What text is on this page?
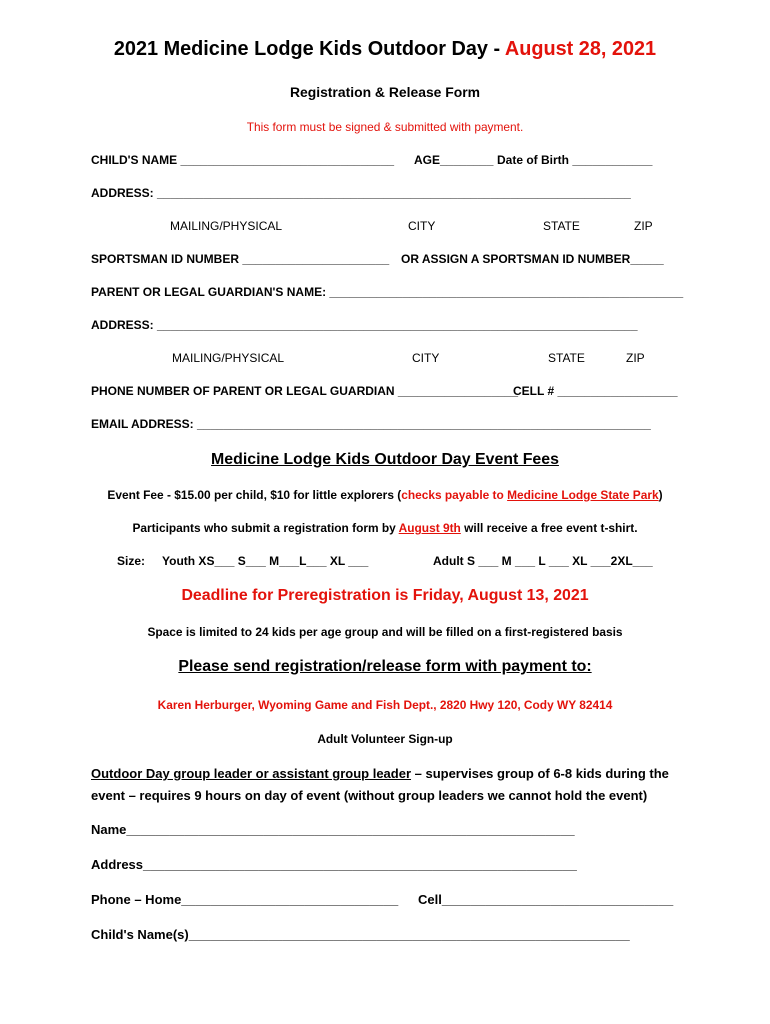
2021 Medicine Lodge Kids Outdoor Day - August 28, 2021
Registration & Release Form
This form must be signed & submitted with payment.
CHILD'S NAME ________________________________ AGE________ Date of Birth ____________
ADDRESS: _______________________________________________________________________
MAILING/PHYSICAL	CITY	STATE	ZIP
SPORTSMAN ID NUMBER ______________________ OR ASSIGN A SPORTSMAN ID NUMBER_____
PARENT OR LEGAL GUARDIAN'S NAME: _____________________________________________________
ADDRESS: ________________________________________________________________________
MAILING/PHYSICAL	CITY	STATE	ZIP
PHONE NUMBER OF PARENT OR LEGAL GUARDIAN __________________
CELL # __________________
EMAIL ADDRESS: ____________________________________________________________________
Medicine Lodge Kids Outdoor Day Event Fees
Event Fee - $15.00 per child, $10 for little explorers (checks payable to Medicine Lodge State Park)
Participants who submit a registration form by August 9th will receive a free event t-shirt.
Size: Youth XS___ S___ M___L___ XL ___	Adult S ___ M ___ L ___ XL ___2XL___
Deadline for Preregistration is Friday, August 13, 2021
Space is limited to 24 kids per age group and will be filled on a first-registered basis
Please send registration/release form with payment to:
Karen Herburger, Wyoming Game and Fish Dept., 2820 Hwy 120, Cody WY 82414
Adult Volunteer Sign-up
Outdoor Day group leader or assistant group leader – supervises group of 6-8 kids during the
event – requires 9 hours on day of event (without group leaders we cannot hold the event)
Name______________________________________________________________
Address____________________________________________________________
Phone – Home______________________________ Cell________________________________
Child's Name(s)_____________________________________________________________
